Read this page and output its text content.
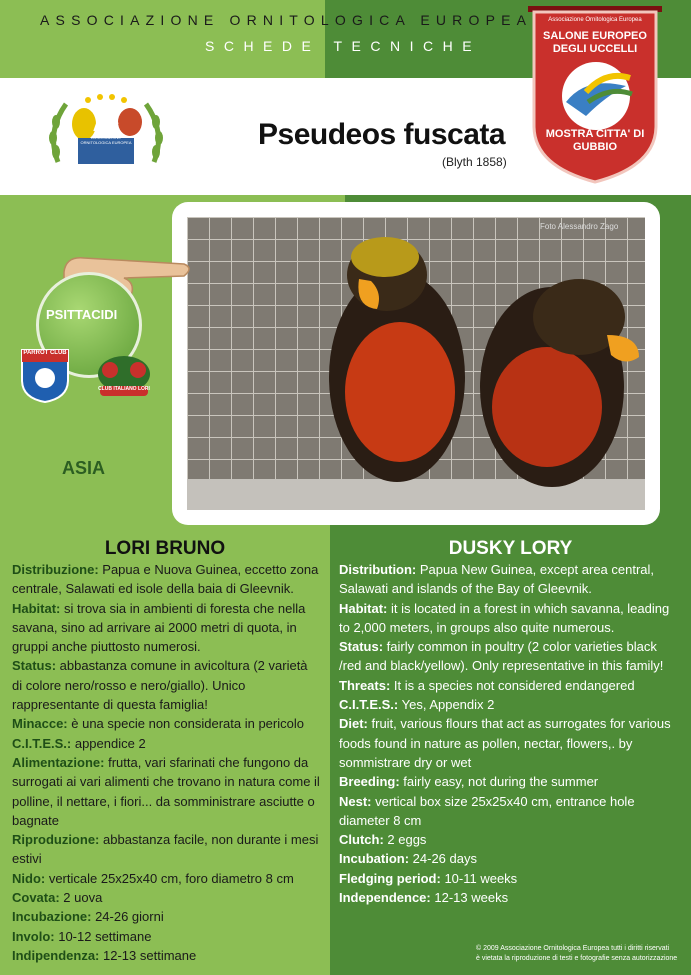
ASSOCIAZIONE ORNITOLOGICA EUROPEA
SCHEDE TECNICHE
AOE
ASSOCIAZIONE ORNITOLOGICA EUROPEA
Associazione Ornitologica Europea
SALONE EUROPEO DEGLI UCCELLI
MOSTRA CITTA' DI GUBBIO
Pseudeos fuscata
(Blyth 1858)
Foto Alessandro Zago
PSITTACIDI
PARROT CLUB
CLUB ITALIANO LORI
ASIA
LORI BRUNO	DUSKY LORY

Distribuzione: Papua e Nuova Guinea, eccetto zona centrale, Salawati ed isole della baia di Gleevnik.

Habitat: si trova sia in ambienti di foresta che nella savana, sino ad arrivare ai 2000 metri di quota, in gruppi anche piuttosto numerosi.

Status: abbastanza comune in avicoltura (2 varietà di colore nero/rosso e nero/giallo). Unico rappresentante di questa famiglia!

Minacce: è una specie non considerata in pericolo

C.I.T.E.S.: appendice 2

Alimentazione: frutta, vari sfarinati che fungono da surrogati ai vari alimenti che trovano in natura come il polline, il nettare, i fiori... da somministrare asciutte o bagnate

Riproduzione: abbastanza facile, non durante i mesi estivi

Nido: verticale 25x25x40 cm, foro diametro 8 cm

Covata: 2 uova

Incubazione: 24-26 giorni

Involo: 10-12 settimane

Indipendenza: 12-13 settimane

Distribution: Papua New Guinea, except area central, Salawati and islands of the Bay of Gleevnik.

Habitat: it is located in a forest in which savanna, leading to 2,000 meters, in groups also quite numerous.

Status: fairly common in poultry (2 color varieties black /red and black/yellow). Only representative in this family!

Threats: It is a species not considered endangered

C.I.T.E.S.: Yes, Appendix 2

Diet: fruit, various flours that act as surrogates for various foods found in nature as pollen, nectar, flowers,. by sommistrare dry or wet

Breeding: fairly easy, not during the summer

Nest: vertical box size 25x25x40 cm, entrance hole diameter 8 cm

Clutch: 2 eggs

Incubation: 24-26 days

Fledging period: 10-11 weeks

Independence: 12-13 weeks

© 2009 Associazione Ornitologica Europea tutti i diritti riservati
è vietata la riproduzione di testi e fotografie senza autorizzazione
